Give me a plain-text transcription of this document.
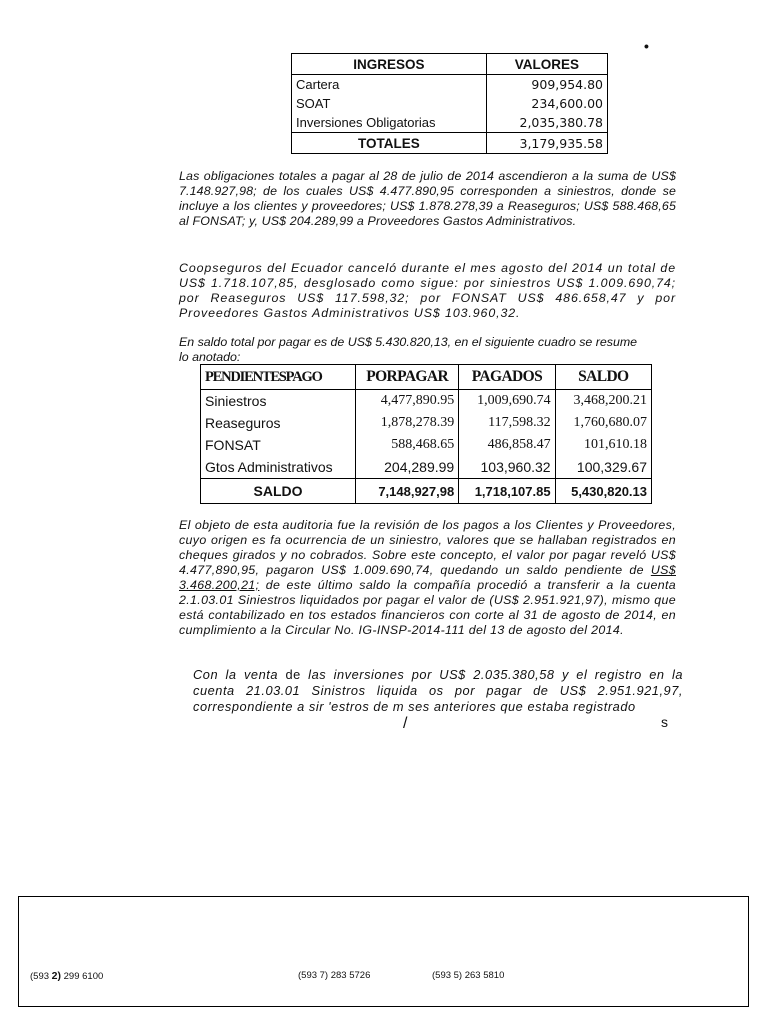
•
INGRESOS	VALORES
Cartera	909,954.80
SOAT	234,600.00
Inversiones Obligatorias	2,035,380.78
TOTALES	3,179,935.58
Las obligaciones totales a pagar al 28 de julio de 2014 ascendieron a la suma de US$ 7.148.927,98; de los cuales US$ 4.477.890,95 corresponden a siniestros, donde se incluye a los clientes y proveedores; US$ 1.878.278,39 a Reaseguros; US$ 588.468,65 al FONSAT; y, US$ 204.289,99 a Proveedores Gastos Administrativos.
Coopseguros del Ecuador canceló durante el mes agosto del 2014 un total de US$ 1.718.107,85, desglosado como sigue: por siniestros US$ 1.009.690,74; por Reaseguros US$ 117.598,32; por FONSAT US$ 486.658,47 y por Proveedores Gastos Administrativos US$ 103.960,32.
En saldo total por pagar es de US$ 5.430.820,13, en el siguiente cuadro se resume lo anotado:
PENDIENTESPAGO	PORPAGAR	PAGADOS	SALDO
Siniestros	4,477,890.95	1,009,690.74	3,468,200.21
Reaseguros	1,878,278.39	117,598.32	1,760,680.07
FONSAT	588,468.65	486,858.47	101,610.18
Gtos Administrativos	204,289.99	103,960.32	100,329.67
SALDO	7,148,927,98	1,718,107.85	5,430,820.13
El objeto de esta auditoria fue la revisión de los pagos a los Clientes y Proveedores, cuyo origen es fa ocurrencia de un siniestro, valores que se hallaban registrados en cheques girados y no cobrados. Sobre este concepto, el valor por pagar reveló US$ 4.477,890,95, pagaron US$ 1.009.690,74, quedando un saldo pendiente de US$ 3.468.200,21; de este último saldo la compañía procedió a transferir a la cuenta 2.1.03.01 Siniestros liquidados por pagar el valor de (US$ 2.951.921,97), mismo que está contabilizado en tos estados financieros con corte al 31 de agosto de 2014, en cumplimiento a la Circular No. IG-INSP-2014-111 del 13 de agosto del 2014.
Con la venta de las inversiones por US$ 2.035.380,58 y el registro en la cuenta 21.03.01 Sinistros liquida os por pagar de US$ 2.951.921,97, correspondiente a sir 'estros de m ses anteriores que estaba registrado
/	s
(593 2) 299 6100	(593 7) 283 5726	(593 5) 263 5810
